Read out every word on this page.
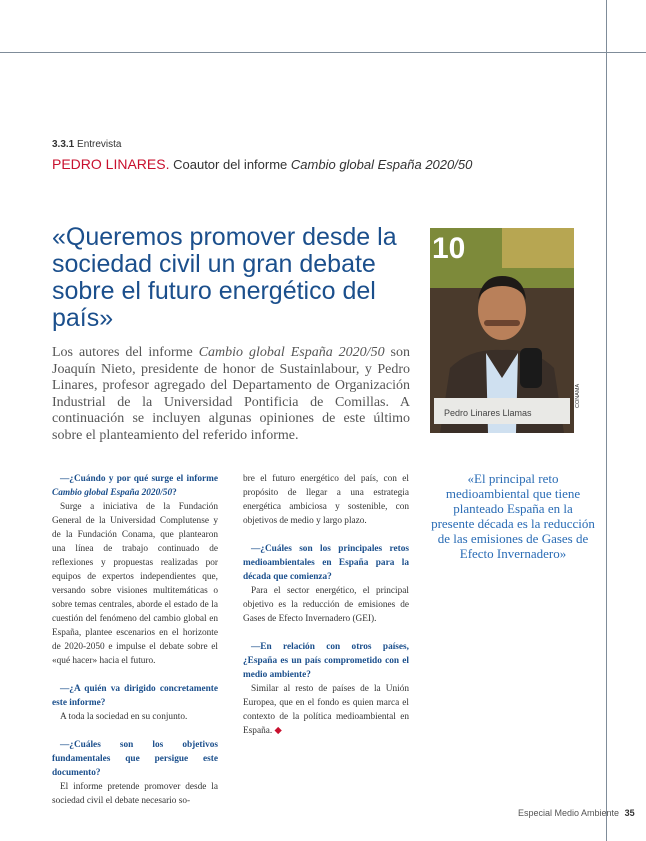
3.3.1 Entrevista
PEDRO LINARES. Coautor del informe Cambio global España 2020/50
«Queremos promover desde la sociedad civil un gran debate sobre el futuro energético del país»

Los autores del informe Cambio global España 2020/50 son Joaquín Nieto, presidente de honor de Sustainlabour, y Pedro Linares, profesor agregado del Departamento de Organización Industrial de la Universidad Pontificia de Comillas. A continuación se incluyen algunas opiniones de este último sobre el planteamiento del referido informe.

10
Pedro Linares Llamas
CONAMA

—¿Cuándo y por qué surge el informe Cambio global España 2020/50?

Surge a iniciativa de la Fundación General de la Universidad Complutense y de la Fundación Conama, que plantearon una línea de trabajo continuado de reflexiones y propuestas realizadas por equipos de expertos independientes que, versando sobre visiones multitemáticas o sobre temas centrales, aborde el estado de la cuestión del fenómeno del cambio global en España, plantee escenarios en el horizonte de 2020-2050 e impulse el debate sobre el «qué hacer» hacia el futuro.

—¿A quién va dirigido concretamente este informe?

A toda la sociedad en su conjunto.

—¿Cuáles son los objetivos fundamentales que persigue este documento?

El informe pretende promover desde la sociedad civil el debate necesario so-

bre el futuro energético del país, con el propósito de llegar a una estrategia energética ambiciosa y sostenible, con objetivos de medio y largo plazo.

—¿Cuáles son los principales retos medioambientales en España para la década que comienza?

Para el sector energético, el principal objetivo es la reducción de emisiones de Gases de Efecto Invernadero (GEI).

—En relación con otros países, ¿España es un país comprometido con el medio ambiente?

Similar al resto de países de la Unión Europea, que en el fondo es quien marca el contexto de la política medioambiental en España. ◆

«El principal reto medioambiental que tiene planteado España en la presente década es la reducción de las emisiones de Gases de Efecto Invernadero»
Especial Medio Ambiente 35
